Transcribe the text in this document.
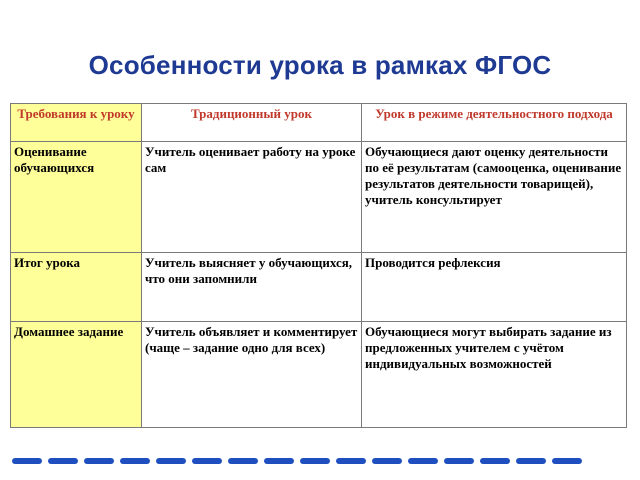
Особенности урока в рамках ФГОС
Требования к уроку	Традиционный урок	Урок в режиме деятельностного подхода
Оценивание обучающихся	Учитель оценивает работу на уроке сам	Обучающиеся дают оценку деятельности по её результатам (самооценка, оценивание результатов деятельности товарищей), учитель консультирует
Итог урока	Учитель выясняет у обучающихся, что они запомнили	Проводится рефлексия
Домашнее задание	Учитель объявляет и комментирует (чаще – задание одно для всех)	Обучающиеся могут выбирать задание из предложенных учителем с учётом индивидуальных возможностей
